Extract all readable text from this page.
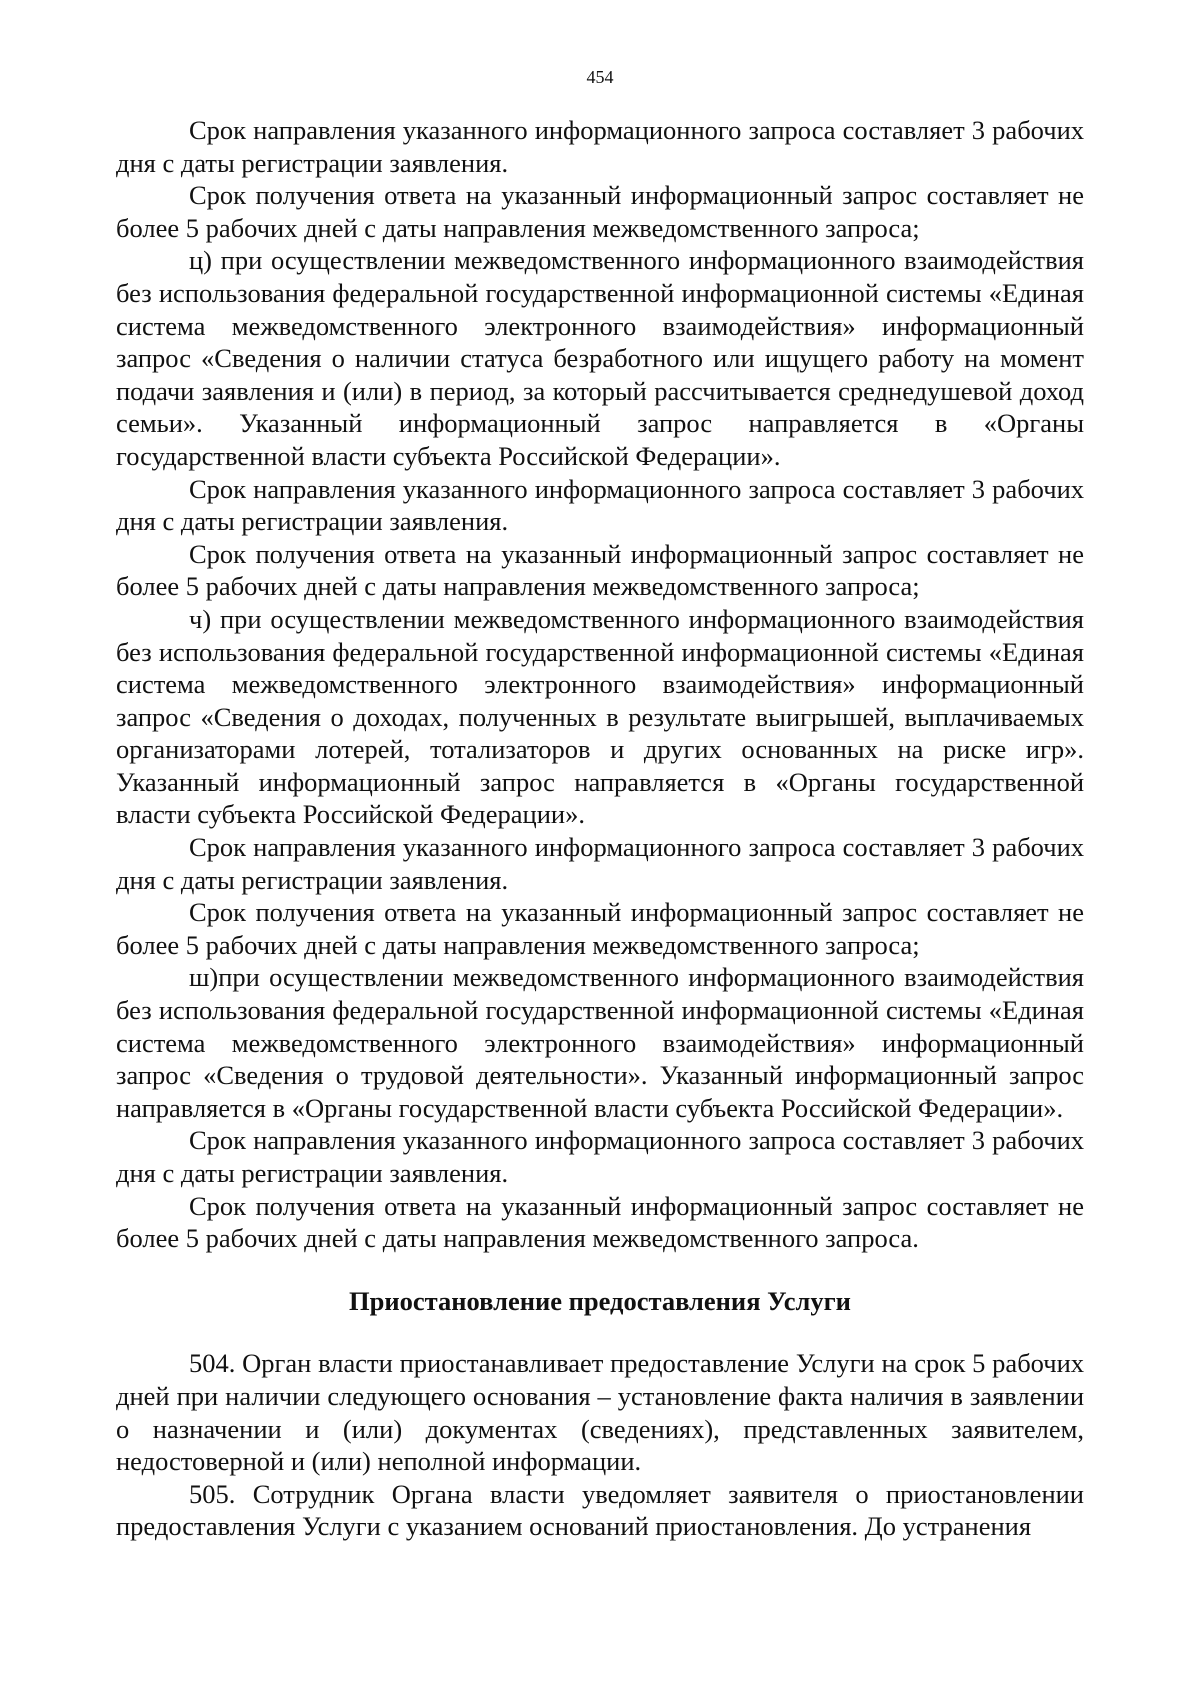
454

Срок направления указанного информационного запроса составляет 3 рабочих дня с даты регистрации заявления.

Срок получения ответа на указанный информационный запрос составляет не более 5 рабочих дней с даты направления межведомственного запроса;

ц) при осуществлении межведомственного информационного взаимодействия без использования федеральной государственной информационной системы «Единая система межведомственного электронного взаимодействия» информационный запрос «Сведения о наличии статуса безработного или ищущего работу на момент подачи заявления и (или) в период, за который рассчитывается среднедушевой доход семьи». Указанный информационный запрос направляется в «Органы государственной власти субъекта Российской Федерации».

Срок направления указанного информационного запроса составляет 3 рабочих дня с даты регистрации заявления.

Срок получения ответа на указанный информационный запрос составляет не более 5 рабочих дней с даты направления межведомственного запроса;

ч) при осуществлении межведомственного информационного взаимодействия без использования федеральной государственной информационной системы «Единая система межведомственного электронного взаимодействия» информационный запрос «Сведения о доходах, полученных в результате выигрышей, выплачиваемых организаторами лотерей, тотализаторов и других основанных на риске игр». Указанный информационный запрос направляется в «Органы государственной власти субъекта Российской Федерации».

Срок направления указанного информационного запроса составляет 3 рабочих дня с даты регистрации заявления.

Срок получения ответа на указанный информационный запрос составляет не более 5 рабочих дней с даты направления межведомственного запроса;

ш)при осуществлении межведомственного информационного взаимодействия без использования федеральной государственной информационной системы «Единая система межведомственного электронного взаимодействия» информационный запрос «Сведения о трудовой деятельности». Указанный информационный запрос направляется в «Органы государственной власти субъекта Российской Федерации».

Срок направления указанного информационного запроса составляет 3 рабочих дня с даты регистрации заявления.

Срок получения ответа на указанный информационный запрос составляет не более 5 рабочих дней с даты направления межведомственного запроса.

Приостановление предоставления Услуги

504. Орган власти приостанавливает предоставление Услуги на срок 5 рабочих дней при наличии следующего основания – установление факта наличия в заявлении о назначении и (или) документах (сведениях), представленных заявителем, недостоверной и (или) неполной информации.

505. Сотрудник Органа власти уведомляет заявителя о приостановлении предоставления Услуги с указанием оснований приостановления. До устранения
